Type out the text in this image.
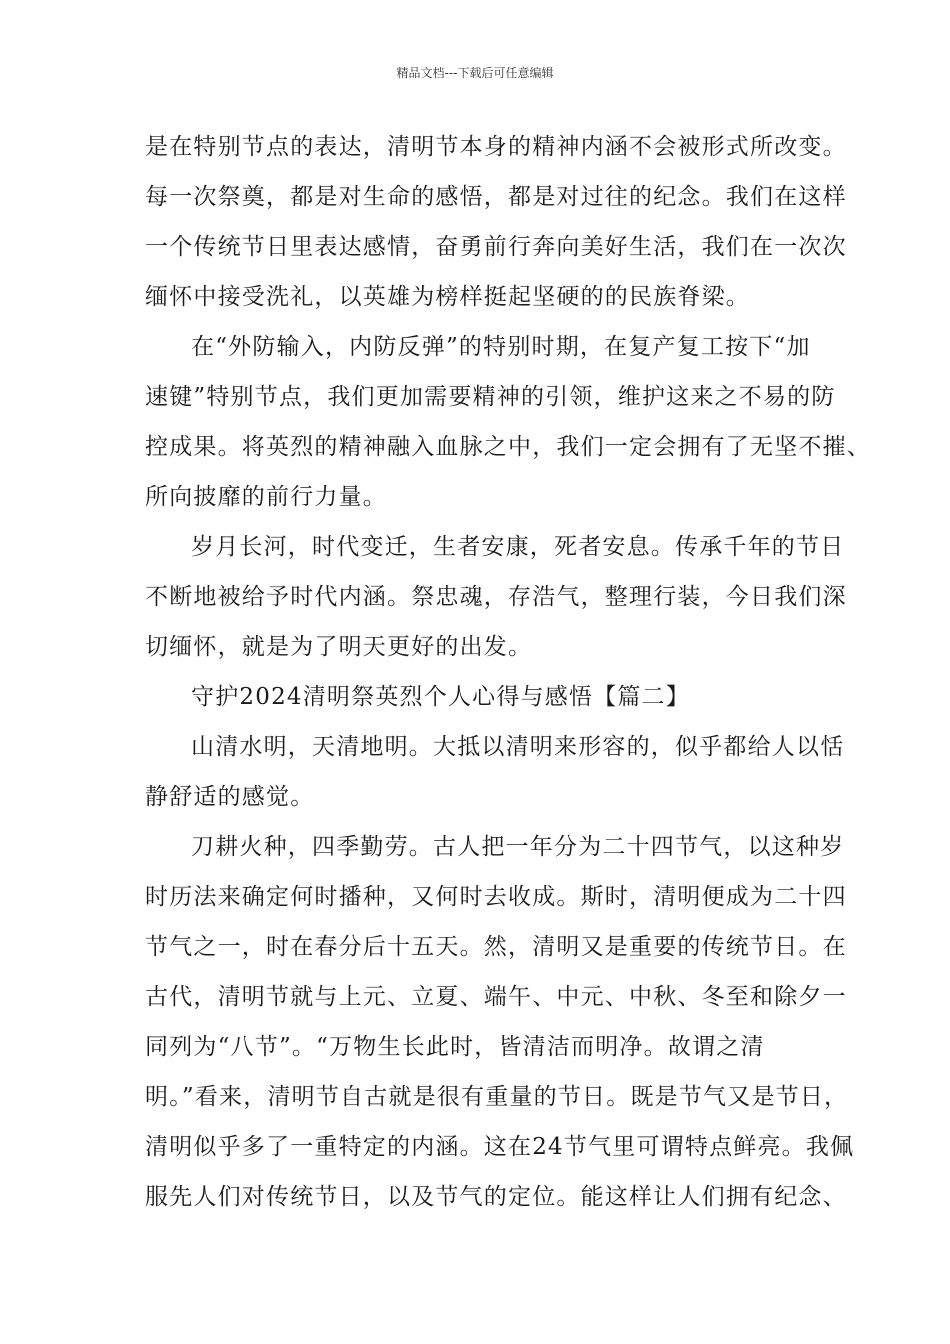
精品文档---下载后可任意编辑
是在特别节点的表达，清明节本身的精神内涵不会被形式所改变。
每一次祭奠，都是对生命的感悟，都是对过往的纪念。我们在这样
一个传统节日里表达感情，奋勇前行奔向美好生活，我们在一次次
缅怀中接受洗礼，以英雄为榜样挺起坚硬的的民族脊梁。
在“外防输入，内防反弹”的特别时期，在复产复工按下“加
速键”特别节点，我们更加需要精神的引领，维护这来之不易的防
控成果。将英烈的精神融入血脉之中，我们一定会拥有了无坚不摧、
所向披靡的前行力量。
岁月长河，时代变迁，生者安康，死者安息。传承千年的节日
不断地被给予时代内涵。祭忠魂，存浩气，整理行装，今日我们深
切缅怀，就是为了明天更好的出发。
守护2024清明祭英烈个人心得与感悟【篇二】
山清水明，天清地明。大抵以清明来形容的，似乎都给人以恬
静舒适的感觉。
刀耕火种，四季勤劳。古人把一年分为二十四节气，以这种岁
时历法来确定何时播种，又何时去收成。斯时，清明便成为二十四
节气之一，时在春分后十五天。然，清明又是重要的传统节日。在
古代，清明节就与上元、立夏、端午、中元、中秋、冬至和除夕一
同列为“八节”。“万物生长此时，皆清洁而明净。故谓之清
明。”看来，清明节自古就是很有重量的节日。既是节气又是节日，
清明似乎多了一重特定的内涵。这在24节气里可谓特点鲜亮。我佩
服先人们对传统节日，以及节气的定位。能这样让人们拥有纪念、
